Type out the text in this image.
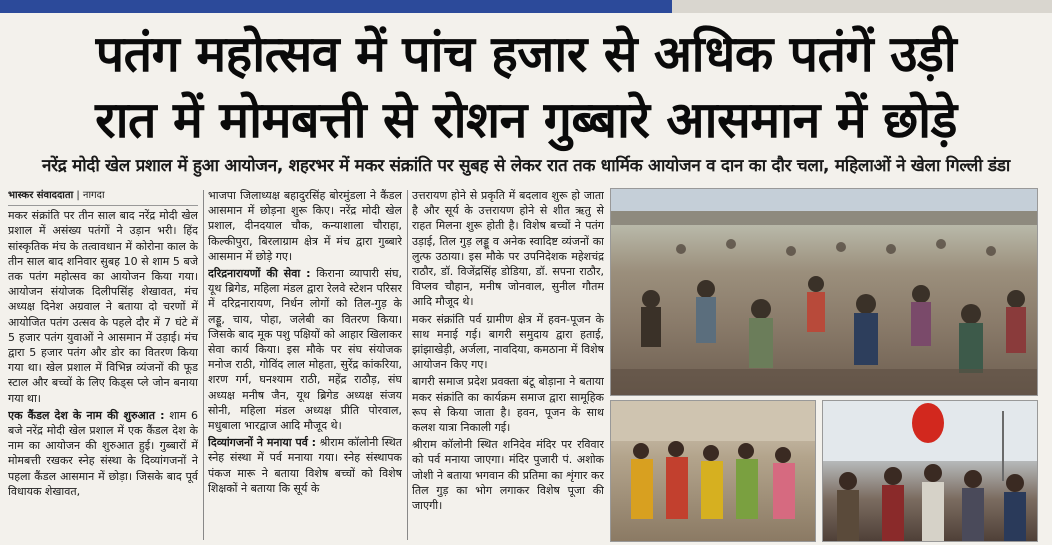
पतंग महोत्सव में पांच हजार से अधिक पतंगें उड़ी
रात में मोमबत्ती से रोशन गुब्बारे आसमान में छोड़े
नरेंद्र मोदी खेल प्रशाल में हुआ आयोजन, शहरभर में मकर संक्रांति पर सुबह से लेकर रात तक धार्मिक आयोजन व दान का दौर चला, महिलाओं ने खेला गिल्ली डंडा
भास्कर संवाददाता | नागदा

मकर संक्रांति पर तीन साल बाद नरेंद्र मोदी खेल प्रशाल में असंख्य पतंगों ने उड़ान भरी। हिंद सांस्कृतिक मंच के तत्वावधान में कोरोना काल के तीन साल बाद शनिवार सुबह 10 से शाम 5 बजे तक पतंग महोत्सव का आयोजन किया गया। आयोजन संयोजक दिलीपसिंह शेखावत, मंच अध्यक्ष दिनेश अग्रवाल ने बताया दो चरणों में आयोजित पतंग उत्सव के पहले दौर में 7 घंटे में 5 हजार पतंग युवाओं ने आसमान में उड़ाई। मंच द्वारा 5 हजार पतंग और डोर का वितरण किया गया था। खेल प्रशाल में विभिन्न व्यंजनों की फूड स्टाल और बच्चों के लिए किड्स प्ले जोन बनाया गया था।

एक कैंडल देश के नाम की शुरुआत : शाम 6 बजे नरेंद्र मोदी खेल प्रशाल में एक कैंडल देश के नाम का आयोजन की शुरुआत हुई। गुब्बारों में मोमबत्ती रखकर स्नेह संस्था के दिव्यांगजनों ने पहला कैंडल आसमान में छोड़ा। जिसके बाद पूर्व विधायक शेखावत,

भाजपा जिलाध्यक्ष बहादुरसिंह बोरमुंडला ने कैंडल आसमान में छोड़ना शुरू किए। नरेंद्र मोदी खेल प्रशाल, दीनदयाल चौक, कन्याशाला चौराहा, किल्कीपुरा, बिरलाग्राम क्षेत्र में मंच द्वारा गुब्बारे आसमान में छोड़े गए।

दरिद्रनारायणों की सेवा : किराना व्यापारी संघ, यूथ ब्रिगेड, महिला मंडल द्वारा रेलवे स्टेशन परिसर में दरिद्रनारायण, निर्धन लोगों को तिल-गुड़ के लड्डू, चाय, पोहा, जलेबी का वितरण किया। जिसके बाद मूक पशु पक्षियों को आहार खिलाकर सेवा कार्य किया। इस मौके पर संघ संयोजक मनोज राठी, गोविंद लाल मोहता, सुरेंद्र कांकरिया, शरण गर्ग, घनश्याम राठी, महेंद्र राठौड़, संघ अध्यक्ष मनीष जैन, यूथ ब्रिगेड अध्यक्ष संजय सोनी, महिला मंडल अध्यक्ष प्रीति पोरवाल, मधुबाला भारद्वाज आदि मौजूद थे।

दिव्यांगजनों ने मनाया पर्व : श्रीराम कॉलोनी स्थित स्नेह संस्था में पर्व मनाया गया। स्नेह संस्थापक पंकज मारू ने बताया विशेष बच्चों को विशेष शिक्षकों ने बताया कि सूर्य के

उत्तरायण होने से प्रकृति में बदलाव शुरू हो जाता है और सूर्य के उत्तरायण होने से शीत ऋतु से राहत मिलना शुरू होती है। विशेष बच्चों ने पतंग उड़ाई, तिल गुड़ लड्डू व अनेक स्वादिष्ट व्यंजनों का लुत्फ उठाया। इस मौके पर उपनिदेशक महेशचंद्र राठौर, डॉ. विजेंद्रसिंह डोडिया, डॉ. सपना राठौर, विप्लव चौहान, मनीष जोनवाल, सुनील गौतम आदि मौजूद थे।

मकर संक्रांति पर्व ग्रामीण क्षेत्र में हवन-पूजन के साथ मनाई गई। बागरी समुदाय द्वारा हताई, झांझाखेड़ी, अर्जला, नावदिया, कमठाना में विशेष आयोजन किए गए।

बागरी समाज प्रदेश प्रवक्ता बंटू बोड़ाना ने बताया मकर संक्रांति का कार्यक्रम समाज द्वारा सामूहिक रूप से किया जाता है। हवन, पूजन के साथ कलश यात्रा निकाली गई।

श्रीराम कॉलोनी स्थित शनिदेव मंदिर पर रविवार को पर्व मनाया जाएगा। मंदिर पुजारी पं. अशोक जोशी ने बताया भगवान की प्रतिमा का शृंगार कर तिल गुड़ का भोग लगाकर विशेष पूजा की जाएगी।
